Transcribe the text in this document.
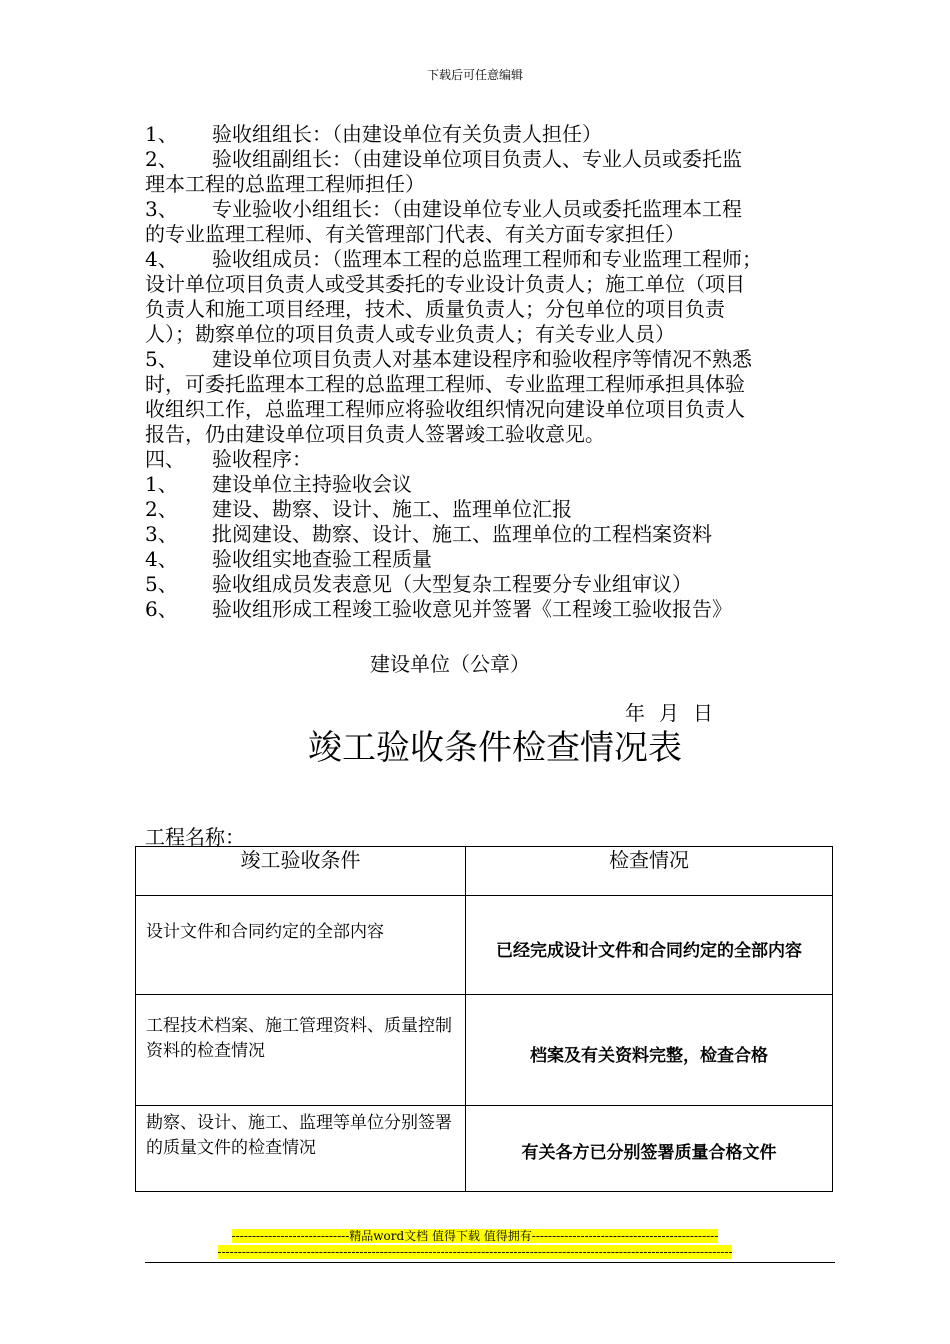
下载后可任意编辑
1、 验收组组长：（由建设单位有关负责人担任）
2、 验收组副组长：（由建设单位项目负责人、专业人员或委托监
理本工程的总监理工程师担任）
3、 专业验收小组组长：（由建设单位专业人员或委托监理本工程
的专业监理工程师、有关管理部门代表、有关方面专家担任）
4、 验收组成员：（监理本工程的总监理工程师和专业监理工程师；
设计单位项目负责人或受其委托的专业设计负责人；施工单位（项目
负责人和施工项目经理，技术、质量负责人；分包单位的项目负责
人）；勘察单位的项目负责人或专业负责人；有关专业人员）
5、 建设单位项目负责人对基本建设程序和验收程序等情况不熟悉
时，可委托监理本工程的总监理工程师、专业监理工程师承担具体验
收组织工作，总监理工程师应将验收组织情况向建设单位项目负责人
报告，仍由建设单位项目负责人签署竣工验收意见。
四、 验收程序：
1、 建设单位主持验收会议
2、 建设、勘察、设计、施工、监理单位汇报
3、 批阅建设、勘察、设计、施工、监理单位的工程档案资料
4、 验收组实地查验工程质量
5、 验收组成员发表意见（大型复杂工程要分专业组审议）
6、 验收组形成工程竣工验收意见并签署《工程竣工验收报告》
建设单位（公章）
年 月 日
竣工验收条件检查情况表
工程名称：
竣工验收条件	检查情况

设计文件和合同约定的全部内容	已经完成设计文件和合同约定的全部内容

工程技术档案、施工管理资料、质量控制资料的检查情况	档案及有关资料完整，检查合格

勘察、设计、施工、监理等单位分别签署的质量文件的检查情况	有关各方已分别签署质量合格文件
-----------------------------精品word文档 值得下载 值得拥有----------------------------------------------
-------------------------------------------------------------------------------------------------------------------------------
